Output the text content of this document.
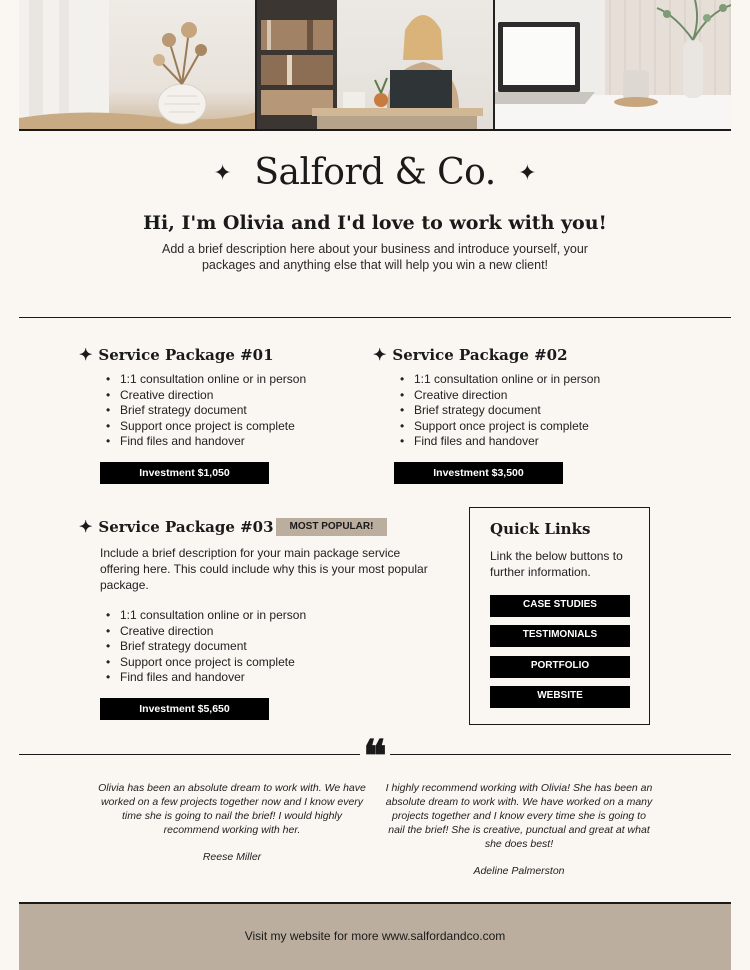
✦ Salford & Co. ✦
Hi, I'm Olivia and I'd love to work with you!
Add a brief description here about your business and introduce yourself, your packages and anything else that will help you win a new client!
✦ Service Package #01
• 1:1 consultation online or in person
• Creative direction
• Brief strategy document
• Support once project is complete
• Find files and handover
Investment $1,050
✦ Service Package #02
• 1:1 consultation online or in person
• Creative direction
• Brief strategy document
• Support once project is complete
• Find files and handover
Investment $3,500
✦ Service Package #03	MOST POPULAR!
Include a brief description for your main package service offering here. This could include why this is your most popular package.
• 1:1 consultation online or in person
• Creative direction
• Brief strategy document
• Support once project is complete
• Find files and handover
Investment $5,650
Quick Links
Link the below buttons to further information.
CASE STUDIES
TESTIMONIALS
PORTFOLIO
WEBSITE
❝
Olivia has been an absolute dream to work with. We have worked on a few projects together now and I know every time she is going to nail the brief! I would highly recommend working with her.
Reese Miller
I highly recommend working with Olivia! She has been an absolute dream to work with. We have worked on a many projects together and I know every time she is going to nail the brief! She is creative, punctual and great at what she does best!
Adeline Palmerston
Visit my website for more www.salfordandco.com
